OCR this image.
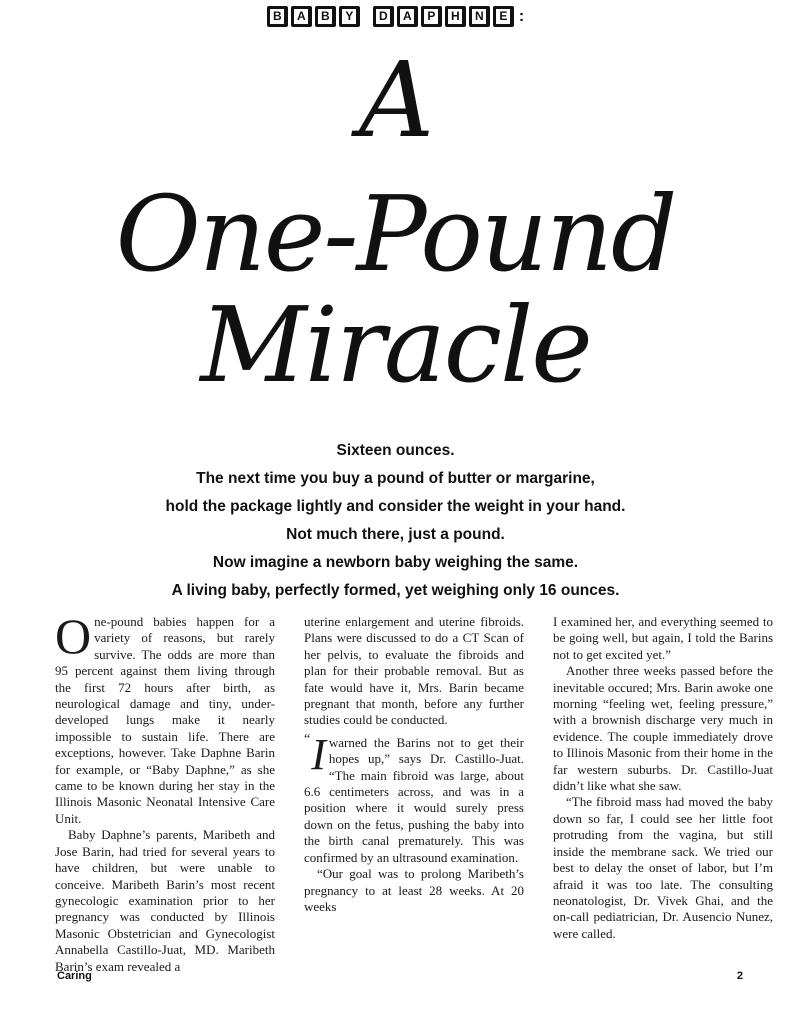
B A B Y D A P H N E :
A
One-Pound
Miracle
Sixteen ounces.
The next time you buy a pound of butter or margarine,
hold the package lightly and consider the weight in your hand.
Not much there, just a pound.
Now imagine a newborn baby weighing the same.
A living baby, perfectly formed, yet weighing only 16 ounces.

One-pound babies happen for a variety of reasons, but rarely survive. The odds are more than 95 percent against them living through the first 72 hours after birth, as neurological damage and tiny, under-developed lungs make it nearly impossible to sustain life. There are exceptions, however. Take Daphne Barin for example, or “Baby Daphne,” as she came to be known during her stay in the Illinois Masonic Neonatal Intensive Care Unit.

Baby Daphne’s parents, Maribeth and Jose Barin, had tried for several years to have children, but were unable to conceive. Maribeth Barin’s most recent gynecologic examination prior to her pregnancy was conducted by Illinois Masonic Obstetrician and Gynecologist Annabella Castillo-Juat, MD. Maribeth Barin’s exam revealed a

uterine enlargement and uterine fibroids. Plans were discussed to do a CT Scan of her pelvis, to evaluate the fibroids and plan for their probable removal. But as fate would have it, Mrs. Barin became pregnant that month, before any further studies could be conducted.

“ I warned the Barins not to get their hopes up,” says Dr. Castillo-Juat. “The main fibroid was large, about 6.6 centimeters across, and was in a position where it would surely press down on the fetus, pushing the baby into the birth canal prematurely. This was confirmed by an ultrasound examination.

“Our goal was to prolong Maribeth’s pregnancy to at least 28 weeks. At 20 weeks

I examined her, and everything seemed to be going well, but again, I told the Barins not to get excited yet.”

Another three weeks passed before the inevitable occured; Mrs. Barin awoke one morning “feeling wet, feeling pressure,” with a brownish discharge very much in evidence. The couple immediately drove to Illinois Masonic from their home in the far western suburbs. Dr. Castillo-Juat didn’t like what she saw.

“The fibroid mass had moved the baby down so far, I could see her little foot protruding from the vagina, but still inside the membrane sack. We tried our best to delay the onset of labor, but I’m afraid it was too late. The consulting neonatologist, Dr. Vivek Ghai, and the on-call pediatrician, Dr. Ausencio Nunez, were called.

Caring	2
